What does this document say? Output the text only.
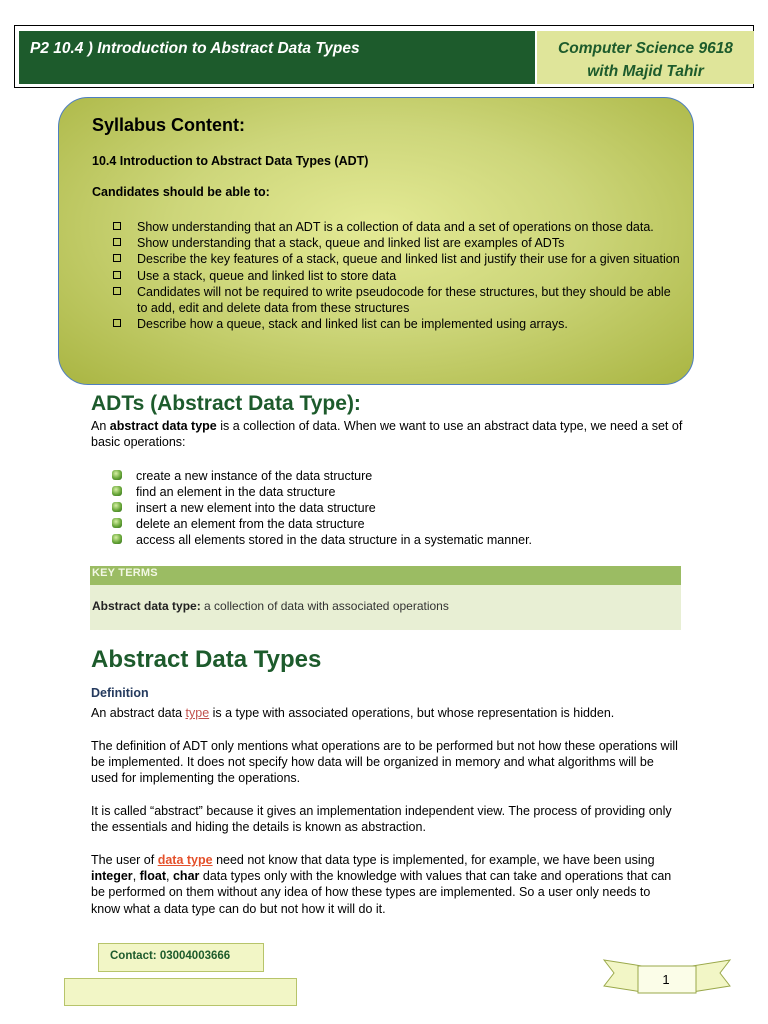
P2 10.4 ) Introduction to Abstract Data Types	Computer Science 9618
with Majid Tahir
Syllabus Content:
10.4 Introduction to Abstract Data Types (ADT)
Candidates should be able to:
Show understanding that an ADT is a collection of data and a set of operations on those data.
Show understanding that a stack, queue and linked list are examples of ADTs
Describe the key features of a stack, queue and linked list and justify their use for a given situation
Use a stack, queue and linked list to store data
Candidates will not be required to write pseudocode for these structures, but they should be able to add, edit and delete data from these structures
Describe how a queue, stack and linked list can be implemented using arrays.
ADTs (Abstract Data Type):
An abstract data type is a collection of data. When we want to use an abstract data type, we need a set of basic operations:
create a new instance of the data structure
find an element in the data structure
insert a new element into the data structure
delete an element from the data structure
access all elements stored in the data structure in a systematic manner.
KEY TERMS
Abstract data type: a collection of data with associated operations
Abstract Data Types
Definition
An abstract data type is a type with associated operations, but whose representation is hidden.
The definition of ADT only mentions what operations are to be performed but not how these operations will be implemented. It does not specify how data will be organized in memory and what algorithms will be used for implementing the operations.
It is called “abstract” because it gives an implementation independent view. The process of providing only the essentials and hiding the details is known as abstraction.
The user of data type need not know that data type is implemented, for example, we have been using integer, float, char data types only with the knowledge with values that can take and operations that can be performed on them without any idea of how these types are implemented. So a user only needs to know what a data type can do but not how it will do it.
Contact: 03004003666
1
